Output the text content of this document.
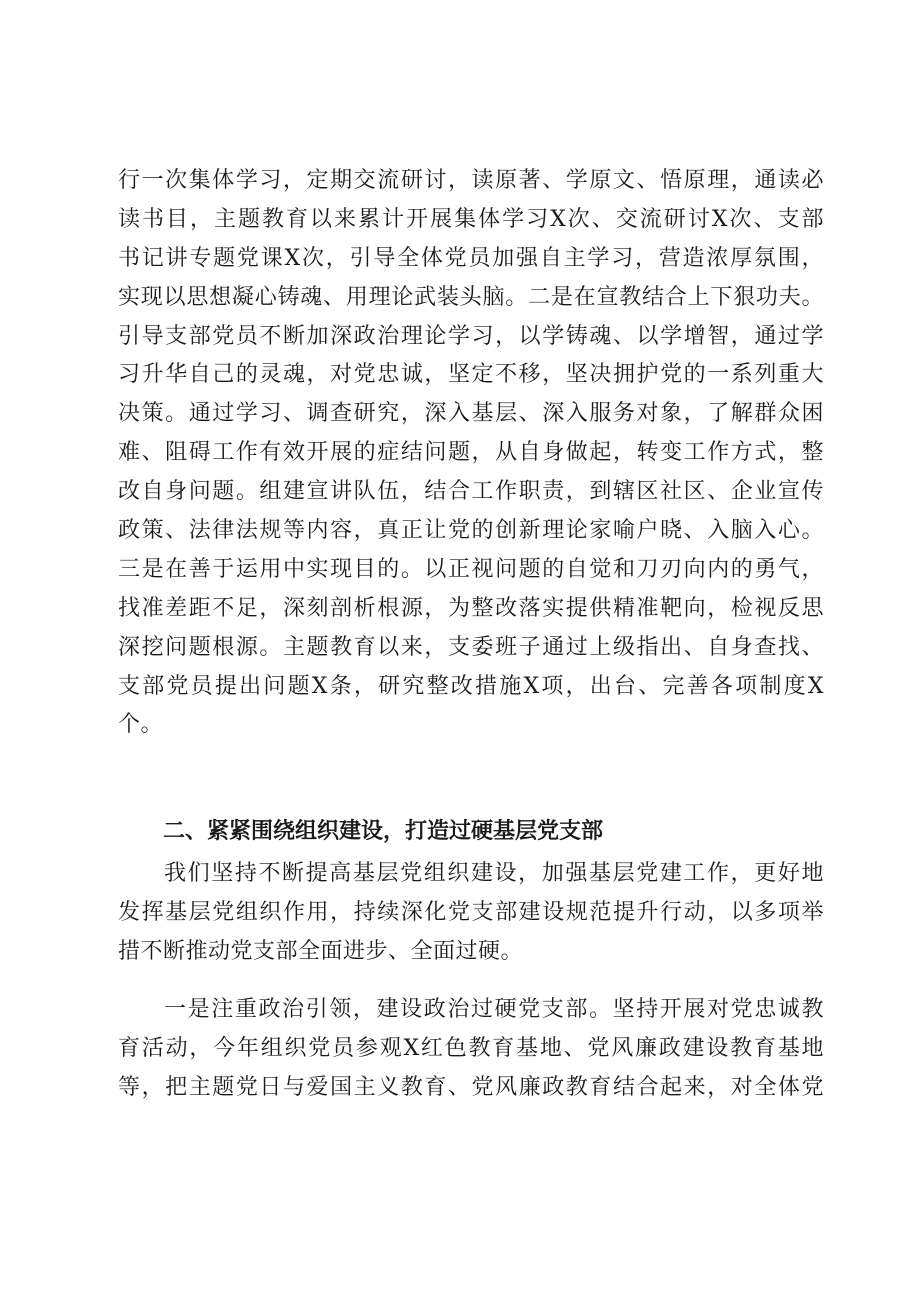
行一次集体学习，定期交流研讨，读原著、学原文、悟原理，通读必
读书目，主题教育以来累计开展集体学习X次、交流研讨X次、支部
书记讲专题党课X次，引导全体党员加强自主学习，营造浓厚氛围，
实现以思想凝心铸魂、用理论武装头脑。二是在宣教结合上下狠功夫。
引导支部党员不断加深政治理论学习，以学铸魂、以学增智，通过学
习升华自己的灵魂，对党忠诚，坚定不移，坚决拥护党的一系列重大
决策。通过学习、调查研究，深入基层、深入服务对象，了解群众困
难、阻碍工作有效开展的症结问题，从自身做起，转变工作方式，整
改自身问题。组建宣讲队伍，结合工作职责，到辖区社区、企业宣传
政策、法律法规等内容，真正让党的创新理论家喻户晓、入脑入心。
三是在善于运用中实现目的。以正视问题的自觉和刀刃向内的勇气，
找准差距不足，深刻剖析根源，为整改落实提供精准靶向，检视反思
深挖问题根源。主题教育以来，支委班子通过上级指出、自身查找、
支部党员提出问题X条，研究整改措施X项，出台、完善各项制度X
个。
二、紧紧围绕组织建设，打造过硬基层党支部
我们坚持不断提高基层党组织建设，加强基层党建工作，更好地
发挥基层党组织作用，持续深化党支部建设规范提升行动，以多项举
措不断推动党支部全面进步、全面过硬。
一是注重政治引领，建设政治过硬党支部。坚持开展对党忠诚教
育活动，今年组织党员参观X红色教育基地、党风廉政建设教育基地
等，把主题党日与爱国主义教育、党风廉政教育结合起来，对全体党
